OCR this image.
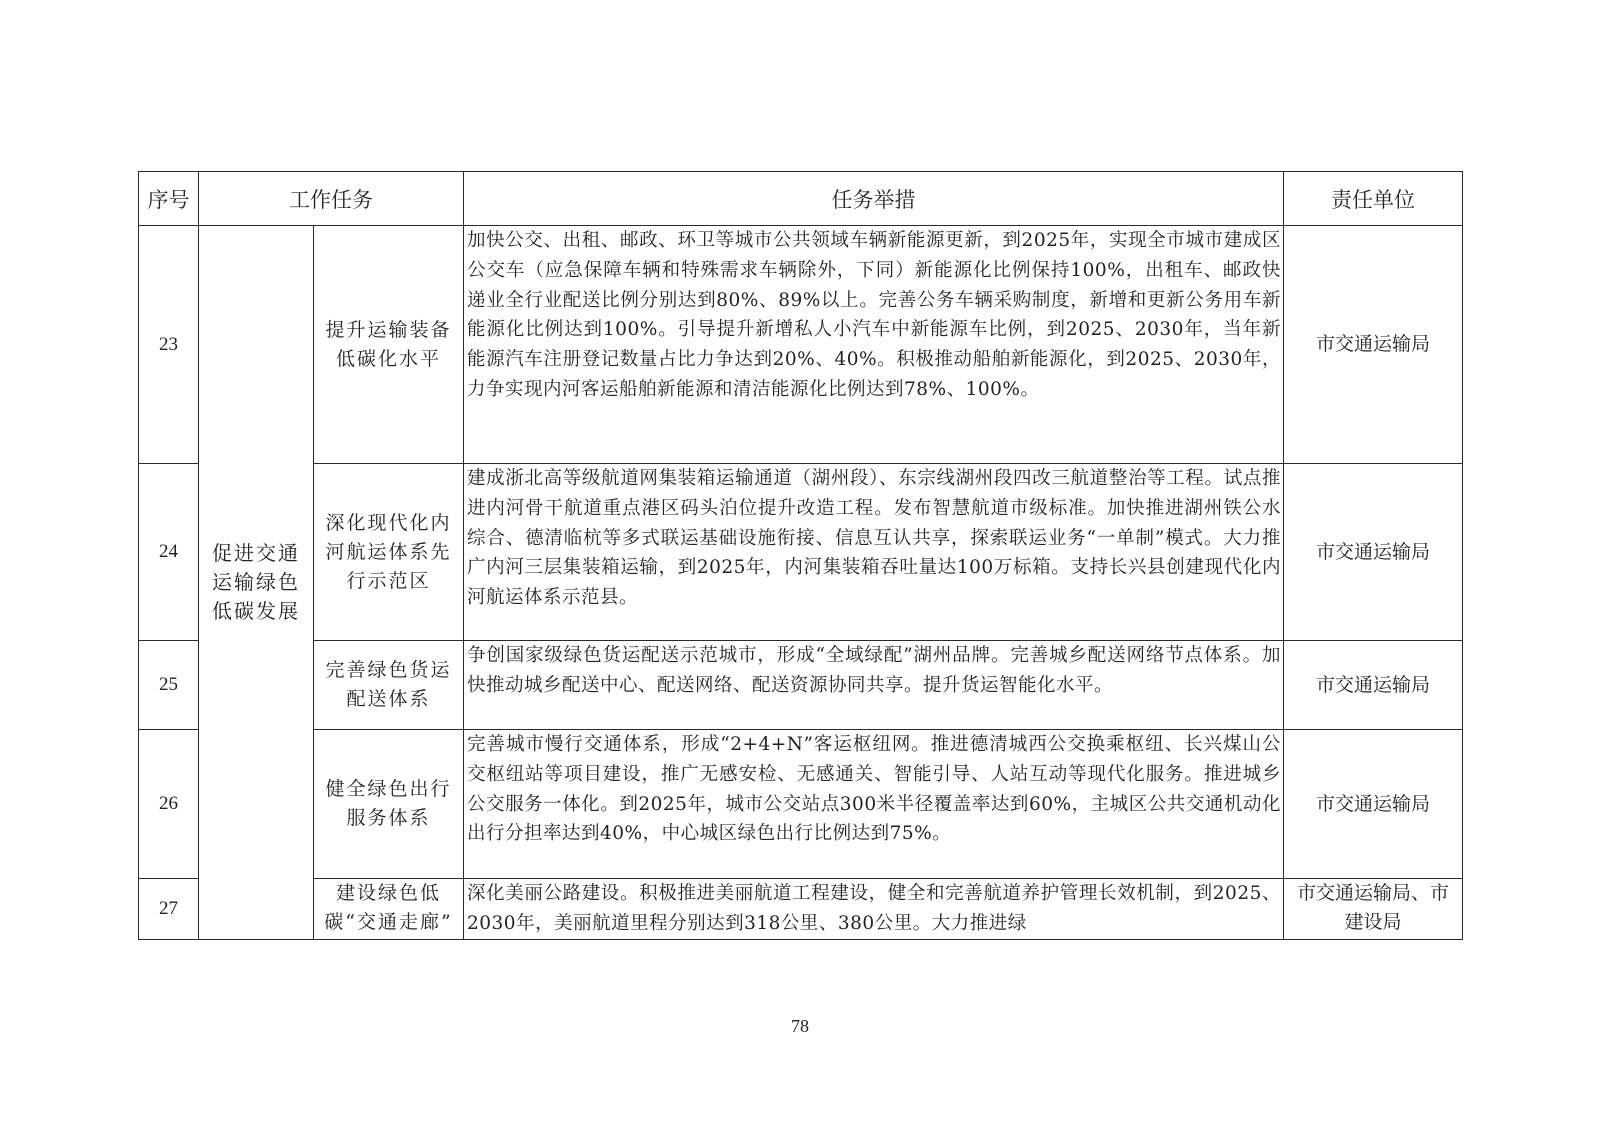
序号	工作任务		任务举措	责任单位
23	促进交通运输绿色低碳发展	提升运输装备低碳化水平	加快公交、出租、邮政、环卫等城市公共领域车辆新能源更新，到2025年，实现全市城市建成区公交车（应急保障车辆和特殊需求车辆除外，下同）新能源化比例保持100%，出租车、邮政快递业全行业配送比例分别达到80%、89%以上。完善公务车辆采购制度，新增和更新公务用车新能源化比例达到100%。引导提升新增私人小汽车中新能源车比例，到2025、2030年，当年新能源汽车注册登记数量占比力争达到20%、40%。积极推动船舶新能源化，到2025、2030年，力争实现内河客运船舶新能源和清洁能源化比例达到78%、100%。	市交通运输局
24		深化现代化内河航运体系先行示范区	建成浙北高等级航道网集装箱运输通道（湖州段）、东宗线湖州段四改三航道整治等工程。试点推进内河骨干航道重点港区码头泊位提升改造工程。发布智慧航道市级标准。加快推进湖州铁公水综合、德清临杭等多式联运基础设施衔接、信息互认共享，探索联运业务“一单制”模式。大力推广内河三层集装箱运输，到2025年，内河集装箱吞吐量达100万标箱。支持长兴县创建现代化内河航运体系示范县。	市交通运输局
25		完善绿色货运配送体系	争创国家级绿色货运配送示范城市，形成“全域绿配”湖州品牌。完善城乡配送网络节点体系。加快推动城乡配送中心、配送网络、配送资源协同共享。提升货运智能化水平。	市交通运输局
26		健全绿色出行服务体系	完善城市慢行交通体系，形成“2+4+N”客运枢纽网。推进德清城西公交换乘枢纽、长兴煤山公交枢纽站等项目建设，推广无感安检、无感通关、智能引导、人站互动等现代化服务。推进城乡公交服务一体化。到2025年，城市公交站点300米半径覆盖率达到60%，主城区公共交通机动化出行分担率达到40%，中心城区绿色出行比例达到75%。	市交通运输局
27		建设绿色低碳“交通走廊”	深化美丽公路建设。积极推进美丽航道工程建设，健全和完善航道养护管理长效机制，到2025、2030年，美丽航道里程分别达到318公里、380公里。大力推进绿	市交通运输局、市建设局
78
